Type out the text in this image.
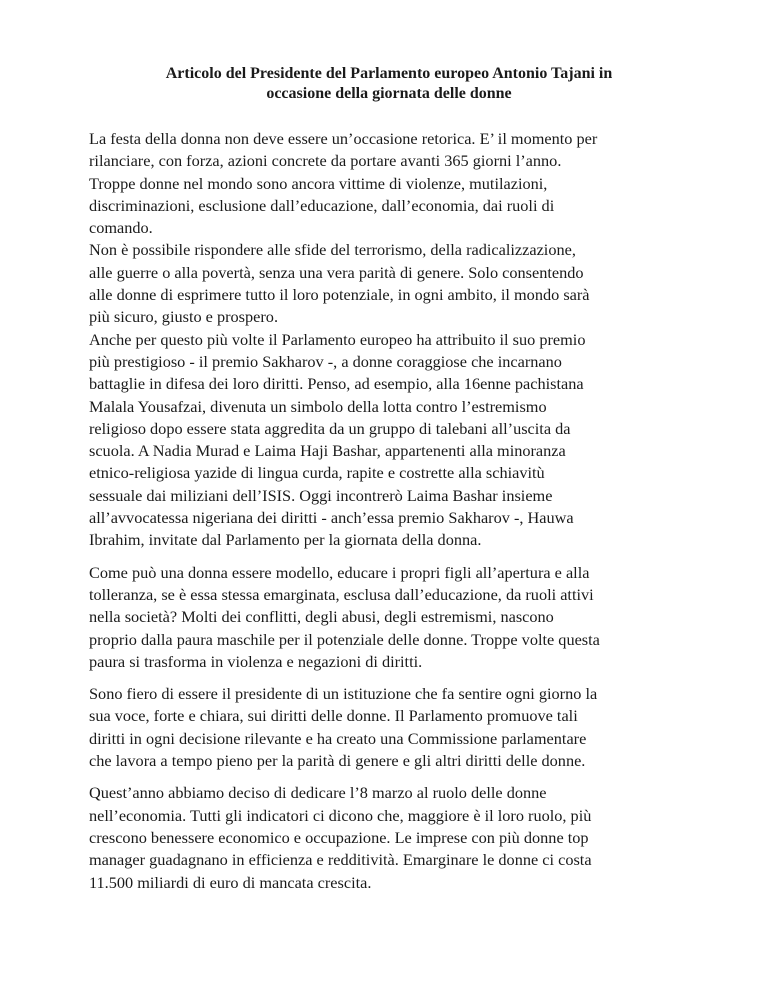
Articolo del Presidente del Parlamento europeo Antonio Tajani in
occasione della giornata delle donne
La festa della donna non deve essere un’occasione retorica. E’ il momento per
rilanciare, con forza, azioni concrete da portare avanti 365 giorni l’anno.
Troppe donne nel mondo sono ancora vittime di violenze, mutilazioni,
discriminazioni, esclusione dall’educazione, dall’economia, dai ruoli di
comando.
Non è possibile rispondere alle sfide del terrorismo, della radicalizzazione,
alle guerre o alla povertà, senza una vera parità di genere. Solo consentendo
alle donne di esprimere tutto il loro potenziale, in ogni ambito, il mondo sarà
più sicuro, giusto e prospero.
Anche per questo più volte il Parlamento europeo ha attribuito il suo premio
più prestigioso - il premio Sakharov -, a donne coraggiose che incarnano
battaglie in difesa dei loro diritti. Penso, ad esempio, alla 16enne pachistana
Malala Yousafzai, divenuta un simbolo della lotta contro l’estremismo
religioso dopo essere stata aggredita da un gruppo di talebani all’uscita da
scuola. A Nadia Murad e Laima Haji Bashar, appartenenti alla minoranza
etnico-religiosa yazide di lingua curda, rapite e costrette alla schiavitù
sessuale dai miliziani dell’ISIS. Oggi incontrerò Laima Bashar insieme
all’avvocatessa nigeriana dei diritti - anch’essa premio Sakharov -, Hauwa
Ibrahim, invitate dal Parlamento per la giornata della donna.
Come può una donna essere modello, educare i propri figli all’apertura e alla
tolleranza, se è essa stessa emarginata, esclusa dall’educazione, da ruoli attivi
nella società? Molti dei conflitti, degli abusi, degli estremismi, nascono
proprio dalla paura maschile per il potenziale delle donne. Troppe volte questa
paura si trasforma in violenza e negazioni di diritti.
Sono fiero di essere il presidente di un istituzione che fa sentire ogni giorno la
sua voce, forte e chiara, sui diritti delle donne. Il Parlamento promuove tali
diritti in ogni decisione rilevante e ha creato una Commissione parlamentare
che lavora a tempo pieno per la parità di genere e gli altri diritti delle donne.
Quest’anno abbiamo deciso di dedicare l’8 marzo al ruolo delle donne
nell’economia. Tutti gli indicatori ci dicono che, maggiore è il loro ruolo, più
crescono benessere economico e occupazione. Le imprese con più donne top
manager guadagnano in efficienza e redditività. Emarginare le donne ci costa
11.500 miliardi di euro di mancata crescita.
